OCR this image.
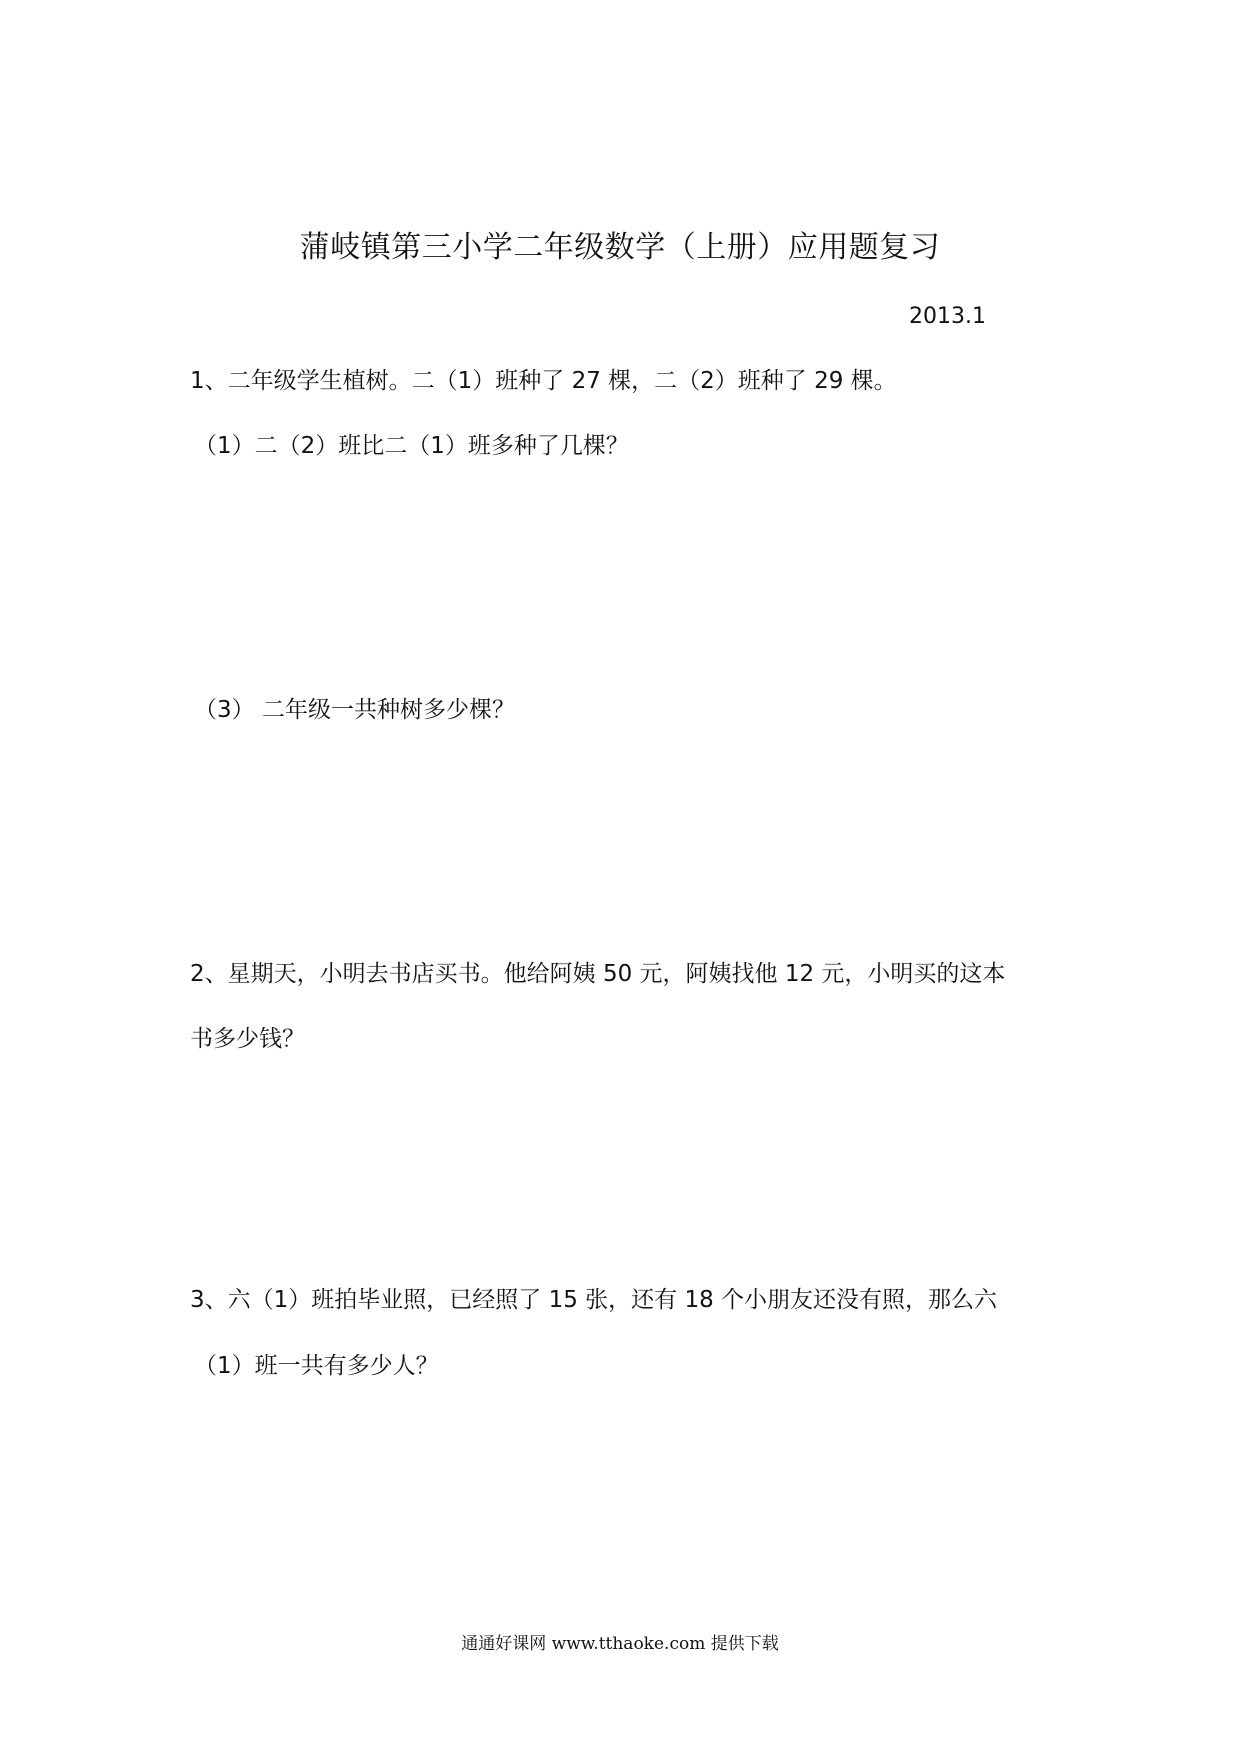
蒲岐镇第三小学二年级数学（上册）应用题复习
2013.1
1、二年级学生植树。二（1）班种了 27 棵，二（2）班种了 29 棵。
（1）二（2）班比二（1）班多种了几棵？
（3） 二年级一共种树多少棵？
2、星期天，小明去书店买书。他给阿姨 50 元，阿姨找他 12 元，小明买的这本
书多少钱？
3、六（1）班拍毕业照，已经照了 15 张，还有 18 个小朋友还没有照，那么六
（1）班一共有多少人？
通通好课网 www.tthaoke.com 提供下载
